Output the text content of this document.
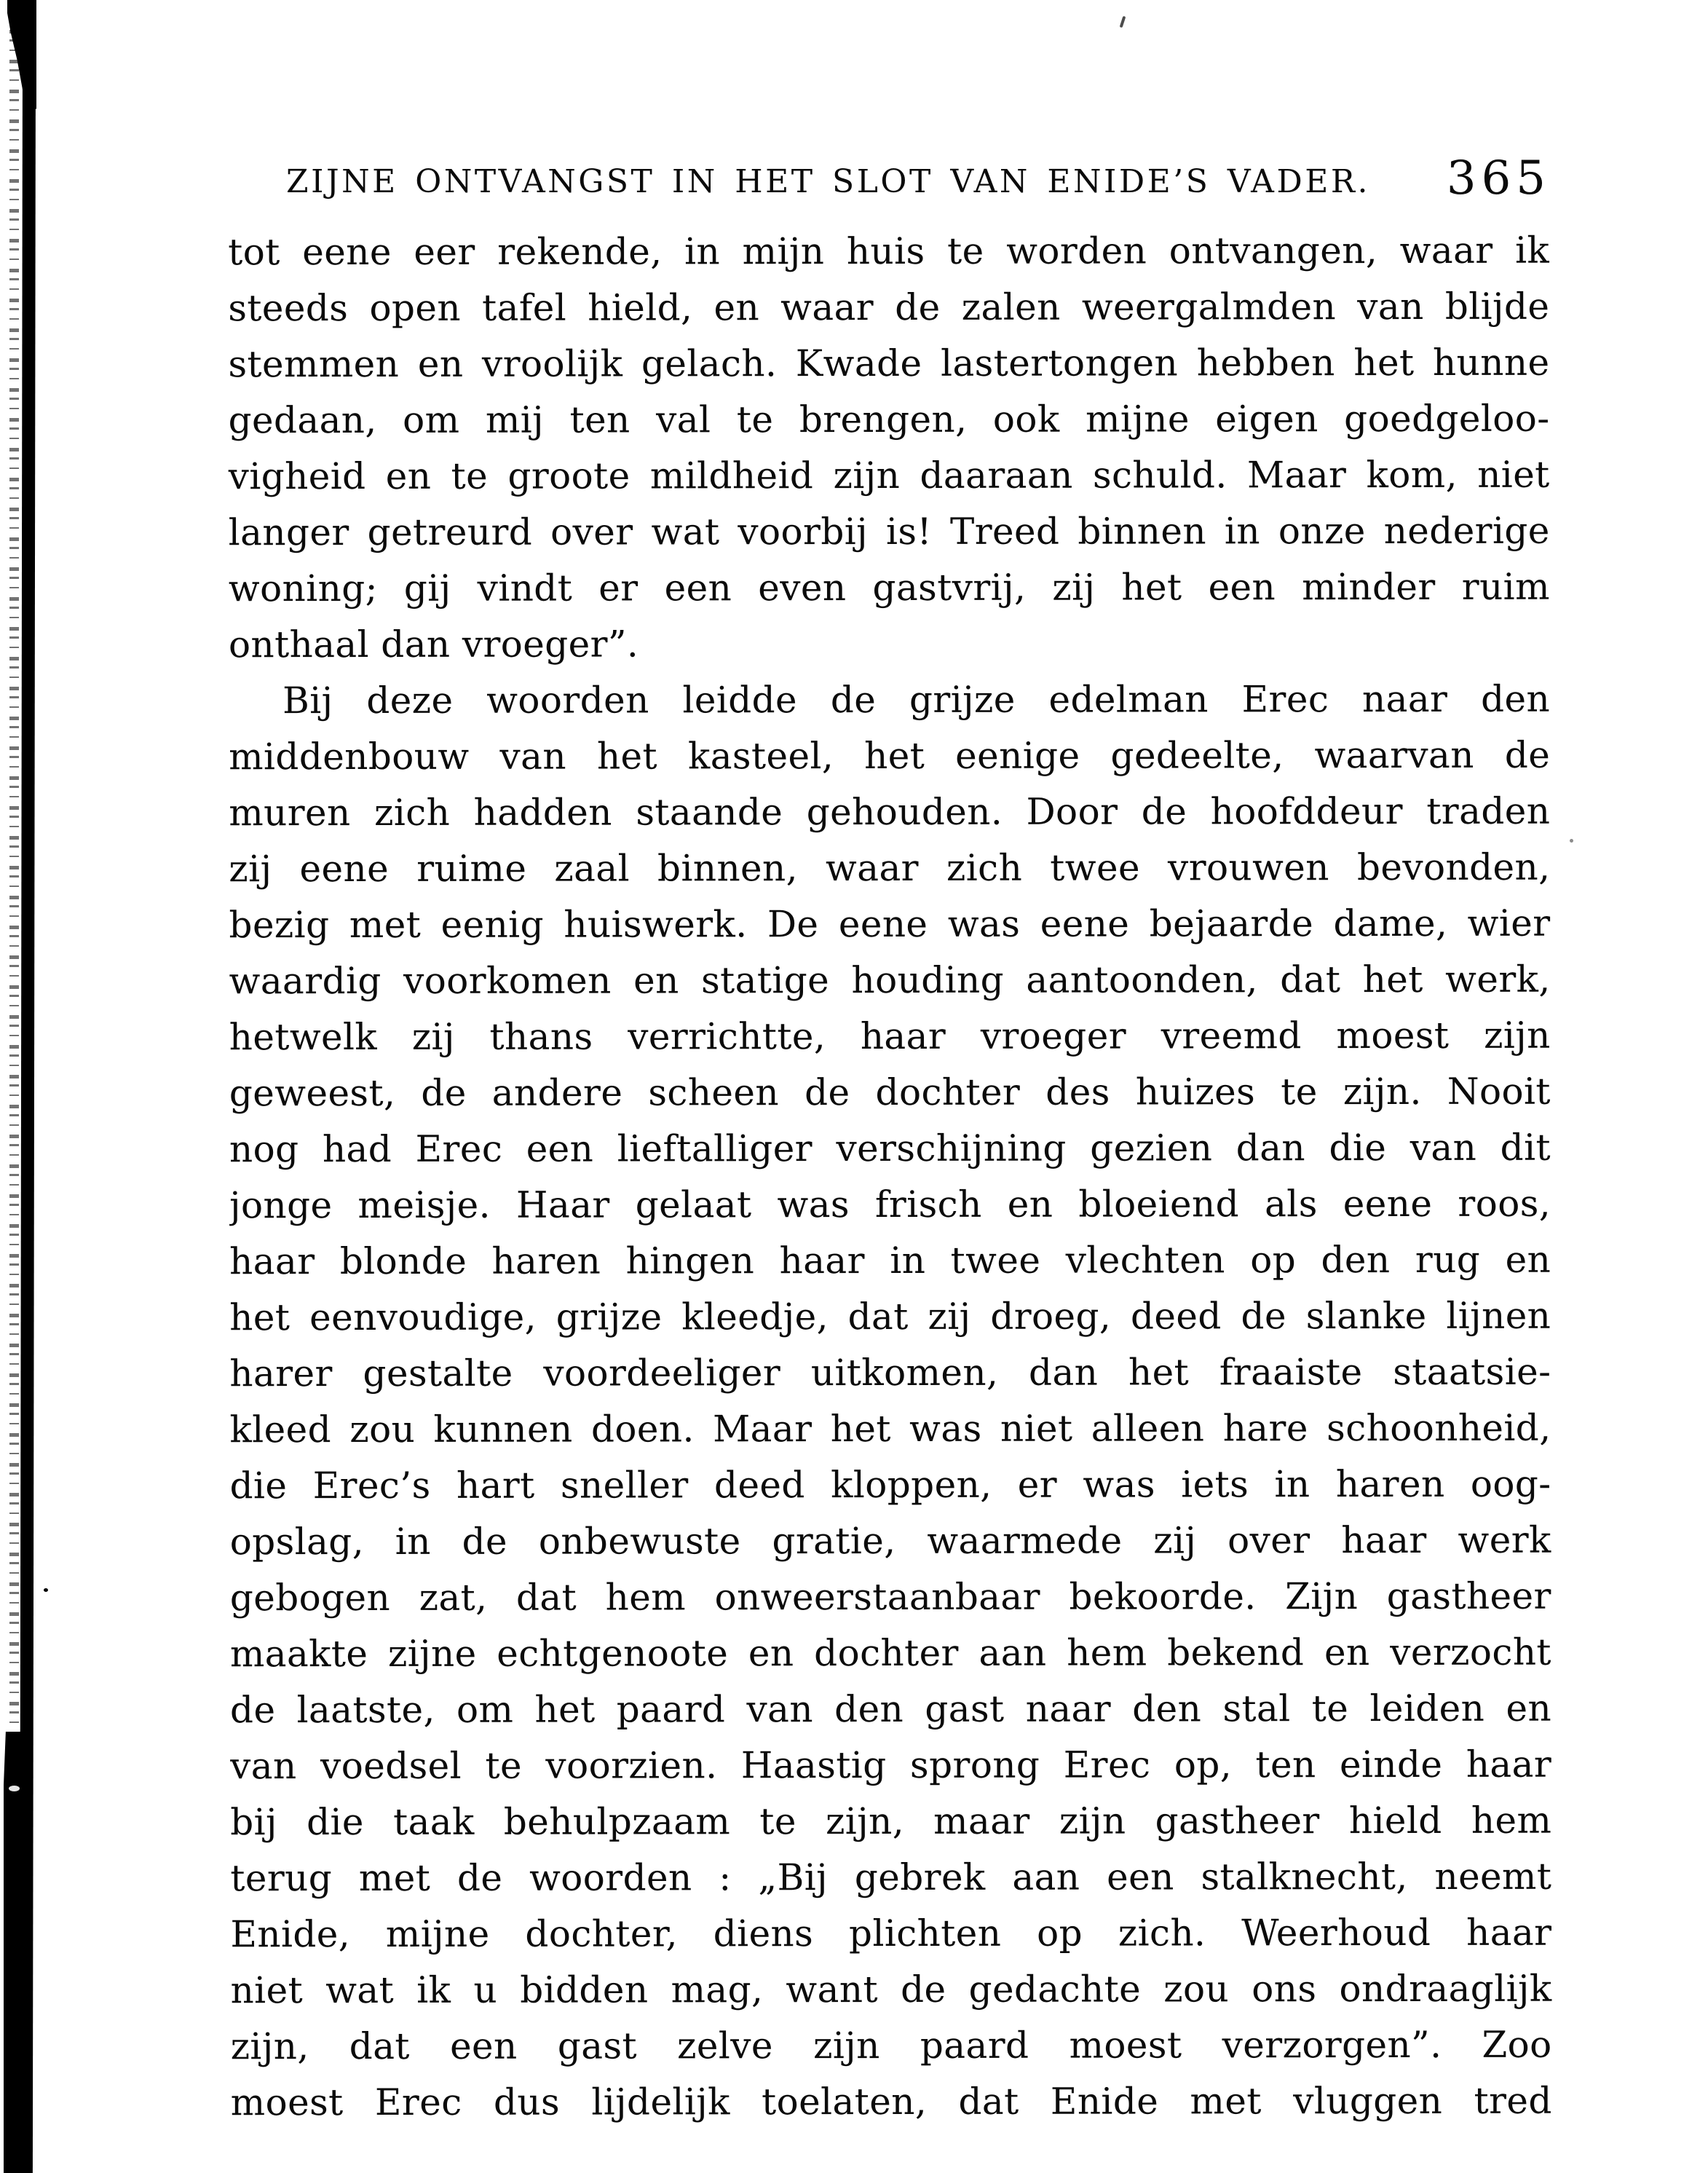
ZIJNE ONTVANGST IN HET SLOT VAN ENIDE’S VADER.	365
tot eene eer rekende, in mijn huis te worden ontvangen, waar ik
steeds open tafel hield, en waar de zalen weergalmden van blijde
stemmen en vroolijk gelach. Kwade lastertongen hebben het hunne
gedaan, om mij ten val te brengen, ook mijne eigen goedgeloo-
vigheid en te groote mildheid zijn daaraan schuld. Maar kom, niet
langer getreurd over wat voorbij is! Treed binnen in onze nederige
woning; gij vindt er een even gastvrij, zij het een minder ruim
onthaal dan vroeger”.
Bij deze woorden leidde de grijze edelman Erec naar den
middenbouw van het kasteel, het eenige gedeelte, waarvan de
muren zich hadden staande gehouden. Door de hoofddeur traden
zij eene ruime zaal binnen, waar zich twee vrouwen bevonden,
bezig met eenig huiswerk. De eene was eene bejaarde dame, wier
waardig voorkomen en statige houding aantoonden, dat het werk,
hetwelk zij thans verrichtte, haar vroeger vreemd moest zijn
geweest, de andere scheen de dochter des huizes te zijn. Nooit
nog had Erec een lieftalliger verschijning gezien dan die van dit
jonge meisje. Haar gelaat was frisch en bloeiend als eene roos,
haar blonde haren hingen haar in twee vlechten op den rug en
het eenvoudige, grijze kleedje, dat zij droeg, deed de slanke lijnen
harer gestalte voordeeliger uitkomen, dan het fraaiste staatsie-
kleed zou kunnen doen. Maar het was niet alleen hare schoonheid,
die Erec’s hart sneller deed kloppen, er was iets in haren oog-
opslag, in de onbewuste gratie, waarmede zij over haar werk
gebogen zat, dat hem onweerstaanbaar bekoorde. Zijn gastheer
maakte zijne echtgenoote en dochter aan hem bekend en verzocht
de laatste, om het paard van den gast naar den stal te leiden en
van voedsel te voorzien. Haastig sprong Erec op, ten einde haar
bij die taak behulpzaam te zijn, maar zijn gastheer hield hem
terug met de woorden : „Bij gebrek aan een stalknecht, neemt
Enide, mijne dochter, diens plichten op zich. Weerhoud haar
niet wat ik u bidden mag, want de gedachte zou ons ondraaglijk
zijn, dat een gast zelve zijn paard moest verzorgen”. Zoo
moest Erec dus lijdelijk toelaten, dat Enide met vluggen tred
